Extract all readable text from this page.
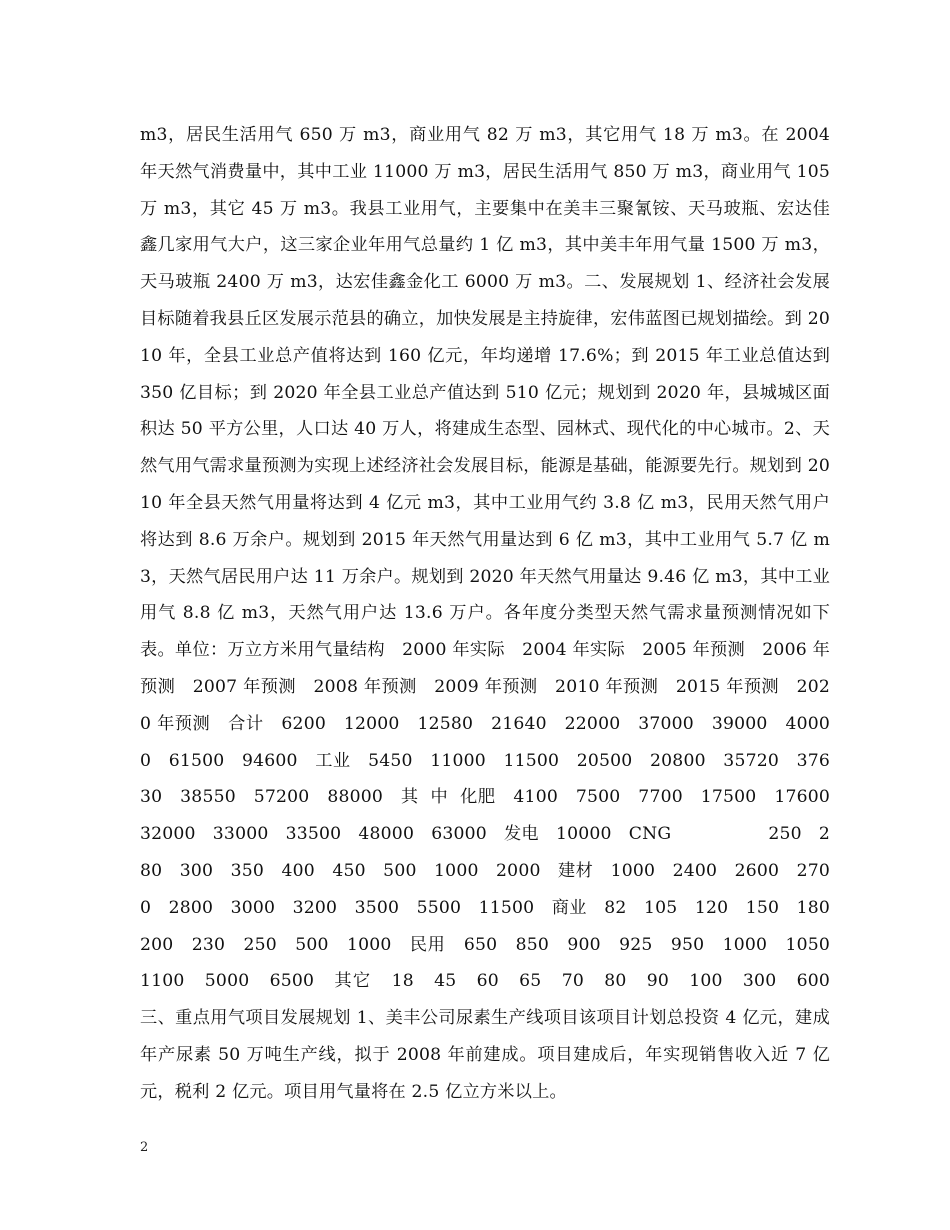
m3，居民生活用气 650 万 m3，商业用气 82 万 m3，其它用气 18 万 m3。在 2004 年天然气消费量中，其中工业 11000 万 m3，居民生活用气 850 万 m3，商业用气 105 万 m3，其它 45 万 m3。我县工业用气，主要集中在美丰三聚氰铵、天马玻瓶、宏达佳鑫几家用气大户，这三家企业年用气总量约 1 亿 m3，其中美丰年用气量 1500 万 m3，天马玻瓶 2400 万 m3，达宏佳鑫金化工 6000 万 m3。二、发展规划 1、经济社会发展目标随着我县丘区发展示范县的确立，加快发展是主持旋律，宏伟蓝图已规划描绘。到 2010 年，全县工业总产值将达到 160 亿元，年均递增 17.6%；到 2015 年工业总值达到 350 亿目标；到 2020 年全县工业总产值达到 510 亿元；规划到 2020 年，县城城区面积达 50 平方公里，人口达 40 万人，将建成生态型、园林式、现代化的中心城市。2、天然气用气需求量预测为实现上述经济社会发展目标，能源是基础，能源要先行。规划到 2010 年全县天然气用量将达到 4 亿元 m3，其中工业用气约 3.8 亿 m3，民用天然气用户将达到 8.6 万余户。规划到 2015 年天然气用量达到 6 亿 m3，其中工业用气 5.7 亿 m3，天然气居民用户达 11 万余户。规划到 2020 年天然气用量达 9.46 亿 m3，其中工业用气 8.8 亿 m3，天然气用户达 13.6 万户。各年度分类型天然气需求量预测情况如下表。单位：万立方米用气量结构   2000 年实际   2004 年实际   2005 年预测   2006 年预测   2007 年预测   2008 年预测   2009 年预测   2010 年预测   2015 年预测   2020 年预测   合计   6200   12000   12580   21640   22000   37000   39000   40000   61500   94600   工业   5450   11000   11500   20500   20800   35720   37630   38550   57200   88000   其  中  化肥   4100   7500   7700   17500   17600   32000   33000   33500   48000   63000   发电   10000   CNG                 250   280   300   350   400   450   500   1000   2000   建材   1000   2400   2600   2700   2800   3000   3200   3500   5500   11500   商业   82   105   120   150   180   200   230   250   500   1000   民用   650   850   900   925   950   1000   1050   1100   5000   6500   其它   18   45   60   65   70   80   90   100   300   600   三、重点用气项目发展规划 1、美丰公司尿素生产线项目该项目计划总投资 4 亿元，建成年产尿素 50 万吨生产线，拟于 2008 年前建成。项目建成后，年实现销售收入近 7 亿元，税利 2 亿元。项目用气量将在 2.5 亿立方米以上。
2
